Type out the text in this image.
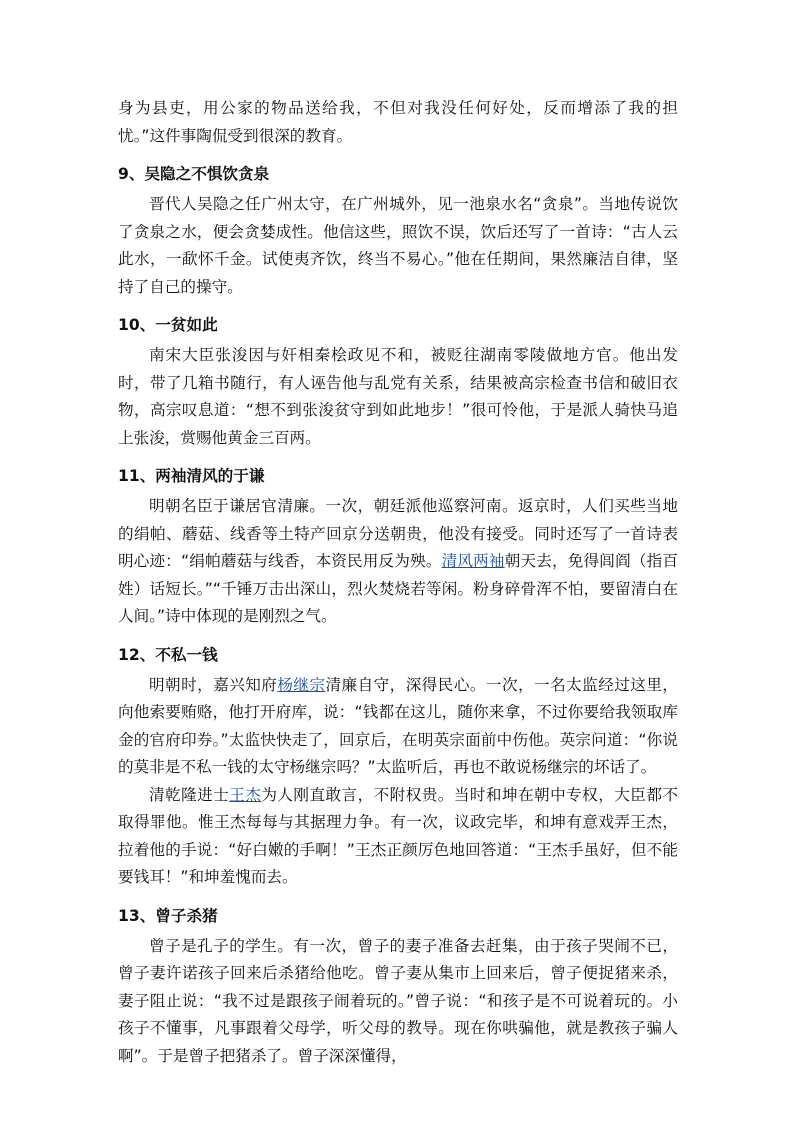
身为县吏，用公家的物品送给我，不但对我没任何好处，反而增添了我的担忧。”这件事陶侃受到很深的教育。

9、吴隐之不惧饮贪泉

晋代人吴隐之任广州太守，在广州城外，见一池泉水名“贪泉”。当地传说饮了贪泉之水，便会贪婪成性。他信这些，照饮不误，饮后还写了一首诗：“古人云此水，一歃怀千金。试使夷齐饮，终当不易心。”他在任期间，果然廉洁自律，坚持了自己的操守。

10、一贫如此

南宋大臣张浚因与奸相秦桧政见不和，被贬往湖南零陵做地方官。他出发时，带了几箱书随行，有人诬告他与乱党有关系，结果被高宗检查书信和破旧衣物，高宗叹息道：“想不到张浚贫守到如此地步！”很可怜他，于是派人骑快马追上张浚，赏赐他黄金三百两。

11、两袖清风的于谦

明朝名臣于谦居官清廉。一次，朝廷派他巡察河南。返京时，人们买些当地的绢帕、蘑菇、线香等土特产回京分送朝贵，他没有接受。同时还写了一首诗表明心迹：“绢帕蘑菇与线香，本资民用反为殃。清风两袖朝天去，免得闾阎（指百姓）话短长。”“千锤万击出深山，烈火焚烧若等闲。粉身碎骨浑不怕，要留清白在人间。”诗中体现的是刚烈之气。

12、不私一钱

明朝时，嘉兴知府杨继宗清廉自守，深得民心。一次，一名太监经过这里，向他索要贿赂，他打开府库，说：“钱都在这儿，随你来拿，不过你要给我领取库金的官府印券。”太监快快走了，回京后，在明英宗面前中伤他。英宗问道：“你说的莫非是不私一钱的太守杨继宗吗？”太监听后，再也不敢说杨继宗的坏话了。

清乾隆进士王杰为人刚直敢言，不附权贵。当时和坤在朝中专权，大臣都不取得罪他。惟王杰每每与其据理力争。有一次，议政完毕，和坤有意戏弄王杰，拉着他的手说：“好白嫩的手啊！”王杰正颜厉色地回答道：“王杰手虽好，但不能要钱耳！”和坤羞愧而去。

13、曾子杀猪

曾子是孔子的学生。有一次，曾子的妻子准备去赶集，由于孩子哭闹不已，曾子妻许诺孩子回来后杀猪给他吃。曾子妻从集市上回来后，曾子便捉猪来杀，妻子阻止说：“我不过是跟孩子闹着玩的。”曾子说：“和孩子是不可说着玩的。小孩子不懂事，凡事跟着父母学，听父母的教导。现在你哄骗他，就是教孩子骗人啊”。于是曾子把猪杀了。曾子深深懂得，
